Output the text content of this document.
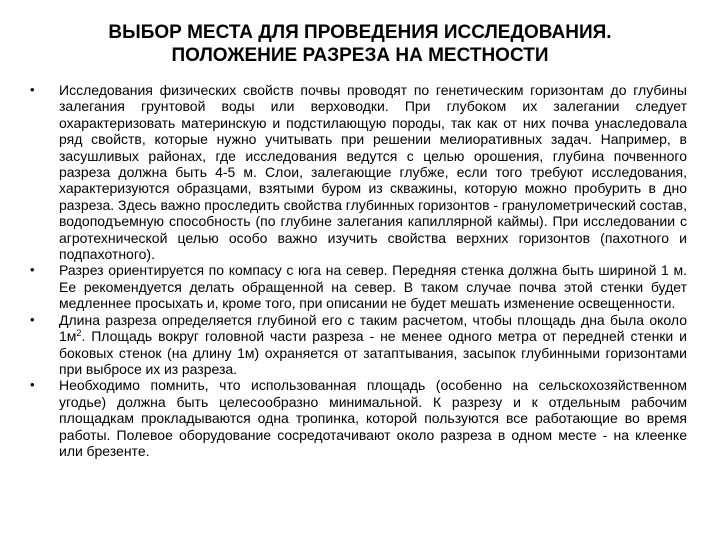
ВЫБОР МЕСТА ДЛЯ ПРОВЕДЕНИЯ ИССЛЕДОВАНИЯ.
ПОЛОЖЕНИЕ РАЗРЕЗА НА МЕСТНОСТИ
•	Исследования физических свойств почвы проводят по генетическим горизонтам до глубины залегания грунтовой воды или верховодки. При глубоком их залегании следует охарактеризовать материнскую и подстилающую породы, так как от них почва унаследовала ряд свойств, которые нужно учитывать при решении мелиоративных задач. Например, в засушливых районах, где исследования ведутся с целью орошения, глубина почвенного разреза должна быть 4-5 м. Слои, залегающие глубже, если того требуют исследования, характеризуются образцами, взятыми буром из скважины, которую можно пробурить в дно разреза. Здесь важно проследить свойства глубинных горизонтов - гранулометрический состав, водоподъемную способность (по глубине залегания капиллярной каймы). При исследовании с агротехнической целью особо важно изучить свойства верхних горизонтов (пахотного и подпахотного).
•	Разрез ориентируется по компасу с юга на север. Передняя стенка должна быть шириной 1 м. Ее рекомендуется делать обращенной на север. В таком случае почва этой стенки будет медленнее просыхать и, кроме того, при описании не будет мешать изменение освещенности.
•	Длина разреза определяется глубиной его с таким расчетом, чтобы площадь дна была около $1м^2$. Площадь вокруг головной части разреза - не менее одного метра от передней стенки и боковых стенок (на длину 1м) охраняется от затаптывания, засыпок глубинными горизонтами при выбросе их из разреза.
•	Необходимо помнить, что использованная площадь (особенно на сельскохозяйственном угодье) должна быть целесообразно минимальной. К разрезу и к отдельным рабочим площадкам прокладываются одна тропинка, которой пользуются все работающие во время работы. Полевое оборудование сосредотачивают около разреза в одном месте - на клеенке или брезенте.
